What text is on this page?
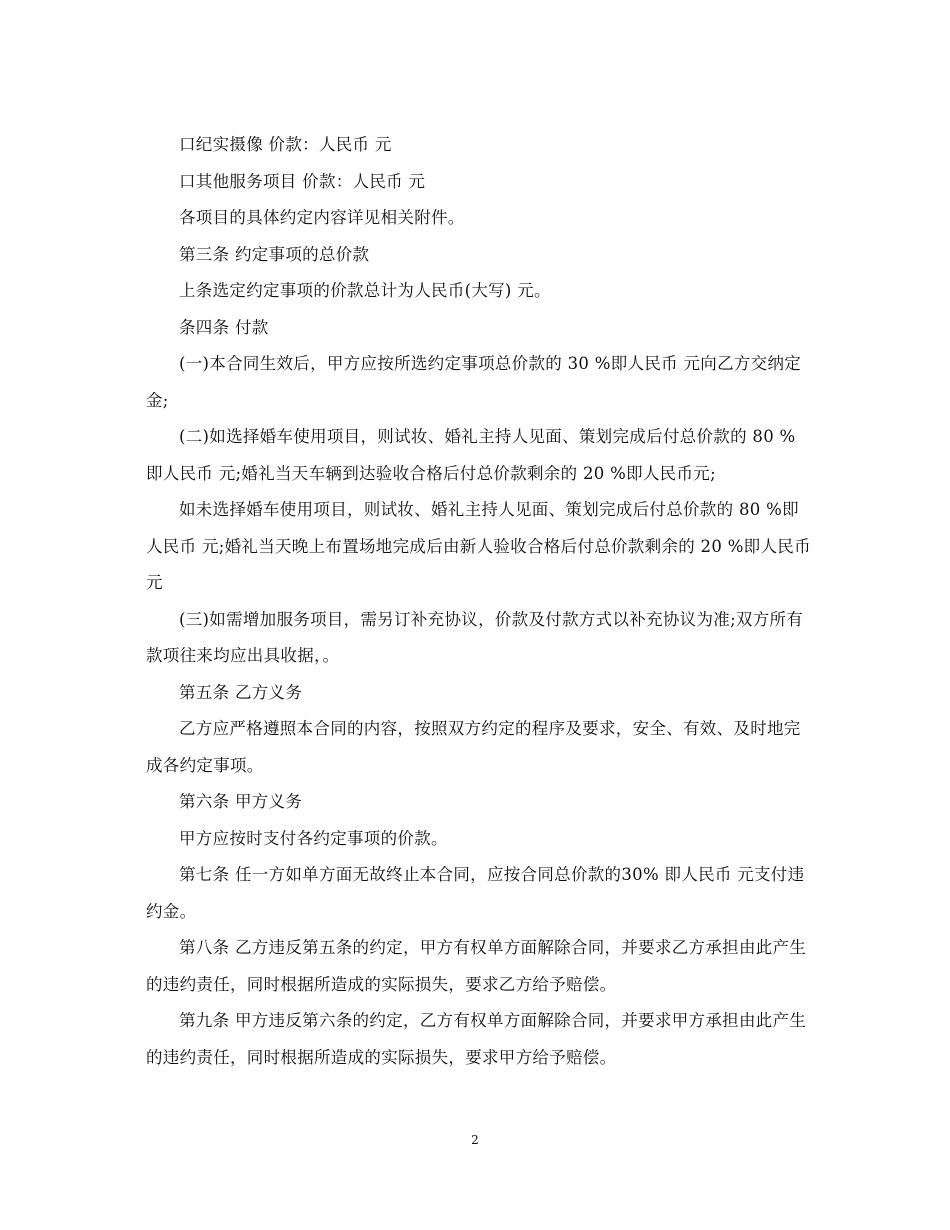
口纪实摄像 价款：人民币 元

口其他服务项目 价款：人民币 元

各项目的具体约定内容详见相关附件。

第三条 约定事项的总价款

上条选定约定事项的价款总计为人民币(大写) 元。

条四条 付款

(一)本合同生效后，甲方应按所选约定事项总价款的 30 %即人民币 元向乙方交纳定金;

(二)如选择婚车使用项目，则试妆、婚礼主持人见面、策划完成后付总价款的 80 %即人民币 元;婚礼当天车辆到达验收合格后付总价款剩余的 20 %即人民币元;

如未选择婚车使用项目，则试妆、婚礼主持人见面、策划完成后付总价款的 80 %即人民币 元;婚礼当天晚上布置场地完成后由新人验收合格后付总价款剩余的 20 %即人民币 元

(三)如需增加服务项目，需另订补充协议，价款及付款方式以补充协议为准;双方所有款项往来均应出具收据，。

第五条 乙方义务

乙方应严格遵照本合同的内容，按照双方约定的程序及要求，安全、有效、及时地完成各约定事项。

第六条 甲方义务

甲方应按时支付各约定事项的价款。

第七条 任一方如单方面无故终止本合同，应按合同总价款的30% 即人民币 元支付违约金。

第八条 乙方违反第五条的约定，甲方有权单方面解除合同，并要求乙方承担由此产生的违约责任，同时根据所造成的实际损失，要求乙方给予赔偿。

第九条 甲方违反第六条的约定，乙方有权单方面解除合同，并要求甲方承担由此产生的违约责任，同时根据所造成的实际损失，要求甲方给予赔偿。

2
